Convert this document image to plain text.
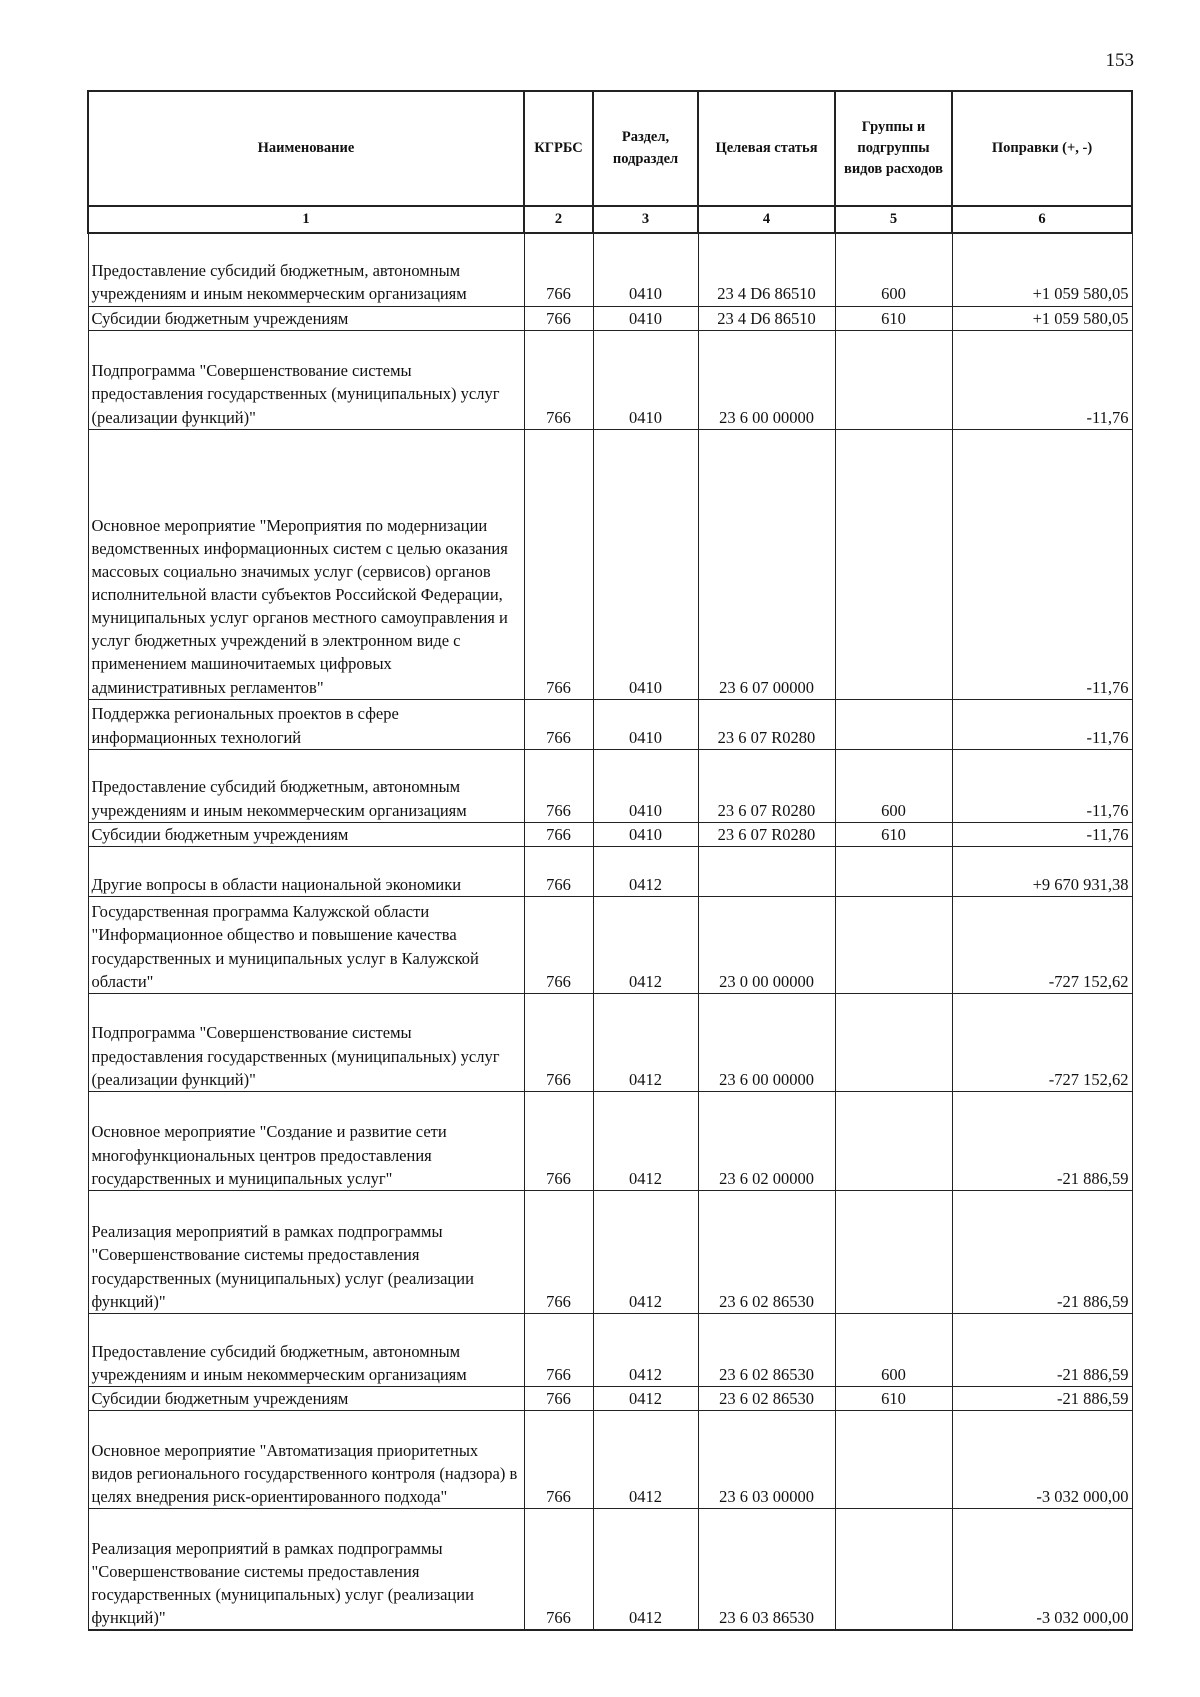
153
Наименование	КГРБС	Раздел, подраздел	Целевая статья	Группы и подгруппы видов расходов	Поправки (+, -)
1	2	3	4	5	6
Предоставление субсидий бюджетным, автономным учреждениям и иным некоммерческим организациям	766	0410	23 4 D6 86510	600	+1 059 580,05
Субсидии бюджетным учреждениям	766	0410	23 4 D6 86510	610	+1 059 580,05
Подпрограмма "Совершенствование системы предоставления государственных (муниципальных) услуг (реализации функций)"	766	0410	23 6 00 00000		-11,76
Основное мероприятие "Мероприятия по модернизации ведомственных информационных систем с целью оказания массовых социально значимых услуг (сервисов) органов исполнительной власти субъектов Российской Федерации, муниципальных услуг органов местного самоуправления и услуг бюджетных учреждений в электронном виде с применением машиночитаемых цифровых административных регламентов"	766	0410	23 6 07 00000		-11,76
Поддержка региональных проектов в сфере информационных технологий	766	0410	23 6 07 R0280		-11,76
Предоставление субсидий бюджетным, автономным учреждениям и иным некоммерческим организациям	766	0410	23 6 07 R0280	600	-11,76
Субсидии бюджетным учреждениям	766	0410	23 6 07 R0280	610	-11,76
Другие вопросы в области национальной экономики	766	0412			+9 670 931,38
Государственная программа Калужской области "Информационное общество и повышение качества государственных и муниципальных услуг в Калужской области"	766	0412	23 0 00 00000		-727 152,62
Подпрограмма "Совершенствование системы предоставления государственных (муниципальных) услуг (реализации функций)"	766	0412	23 6 00 00000		-727 152,62
Основное мероприятие "Создание и развитие сети многофункциональных центров предоставления государственных и муниципальных услуг"	766	0412	23 6 02 00000		-21 886,59
Реализация мероприятий в рамках подпрограммы "Совершенствование системы предоставления государственных (муниципальных) услуг (реализации функций)"	766	0412	23 6 02 86530		-21 886,59
Предоставление субсидий бюджетным, автономным учреждениям и иным некоммерческим организациям	766	0412	23 6 02 86530	600	-21 886,59
Субсидии бюджетным учреждениям	766	0412	23 6 02 86530	610	-21 886,59
Основное мероприятие "Автоматизация приоритетных видов регионального государственного контроля (надзора) в целях внедрения риск-ориентированного подхода"	766	0412	23 6 03 00000		-3 032 000,00
Реализация мероприятий в рамках подпрограммы "Совершенствование системы предоставления государственных (муниципальных) услуг (реализации функций)"	766	0412	23 6 03 86530		-3 032 000,00
